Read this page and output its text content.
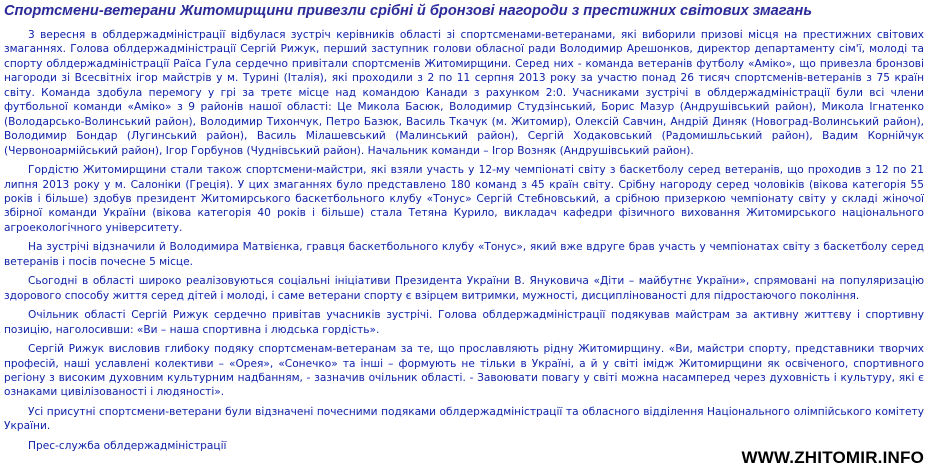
Спортсмени-ветерани Житомирщини привезли срібні й бронзові нагороди з престижних світових змагань

3 вересня в облдержадміністрації відбулася зустріч керівників області зі спортсменами-ветеранами, які виборили призові місця на престижних світових змаганнях. Голова облдержадміністрації Сергій Рижук, перший заступник голови обласної ради Володимир Арешонков, директор департаменту сім'ї, молоді та спорту облдержадміністрації Раїса Гула сердечно привітали спортсменів Житомирщини. Серед них - команда ветеранів футболу «Аміко», що привезла бронзові нагороди зі Всесвітніх ігор майстрів у м. Турині (Італія), які проходили з 2 по 11 серпня 2013 року за участю понад 26 тисяч спортсменів-ветеранів з 75 країн світу. Команда здобула перемогу у грі за третє місце над командою Канади з рахунком 2:0. Учасниками зустрічі в облдержадміністрації були всі члени футбольної команди «Аміко» з 9 районів нашої області: Це Микола Басюк, Володимир Студзінський, Борис Мазур (Андрушівський район), Микола Ігнатенко (Володарсько-Волинський район), Володимир Тихончук, Петро Базюк, Василь Ткачук (м. Житомир), Олексій Савчин, Андрій Диняк (Новоград-Волинський район), Володимир Бондар (Лугинський район), Василь Мілашевський (Малинський район), Сергій Ходаковський (Радомишльський район), Вадим Корнійчук (Червоноармійський район), Ігор Горбунов (Чуднівський район). Начальник команди – Ігор Возняк (Андрушівський район).

Гордістю Житомирщини стали також спортсмени-майстри, які взяли участь у 12-му чемпіонаті світу з баскетболу серед ветеранів, що проходив з 12 по 21 липня 2013 року у м. Салоніки (Греція). У цих змаганнях було представлено 180 команд з 45 країн світу. Срібну нагороду серед чоловіків (вікова категорія 55 років і більше) здобув президент Житомирського баскетбольного клубу «Тонус» Сергій Стебновський, а срібною призеркою чемпіонату світу у складі жіночої збірної команди України (вікова категорія 40 років і більше) стала Тетяна Курило, викладач кафедри фізичного виховання Житомирського національного агроекологічного університету.

На зустрічі відзначили й Володимира Матвієнка, гравця баскетбольного клубу «Тонус», який вже вдруге брав участь у чемпіонатах світу з баскетболу серед ветеранів і посів почесне 5 місце.

Сьогодні в області широко реалізовуються соціальні ініціативи Президента України В. Януковича «Діти – майбутнє України», спрямовані на популяризацію здорового способу життя серед дітей і молоді, і саме ветерани спорту є взірцем витримки, мужності, дисциплінованості для підростаючого покоління.

Очільник області Сергій Рижук сердечно привітав учасників зустрічі. Голова облдержадміністрації подякував майстрам за активну життєву і спортивну позицію, наголосивши: «Ви – наша спортивна і людська гордість».

Сергій Рижук висловив глибоку подяку спортсменам-ветеранам за те, що прославляють рідну Житомирщину. «Ви, майстри спорту, представники творчих професій, наші уславлені колективи – «Орея», «Сонечко» та інші – формують не тільки в Україні, а й у світі імідж Житомирщини як освіченого, спортивного регіону з високим духовним культурним надбанням, - зазначив очільник області. - Завоювати повагу у світі можна насамперед через духовність і культуру, які є ознаками цивілізованості і людяності».

Усі присутні спортсмени-ветерани були відзначені почесними подяками облдержадміністрації та обласного відділення Національного олімпійського комітету України.

Прес-служба облдержадміністрації

WWW.ZHITOMIR.INFO
